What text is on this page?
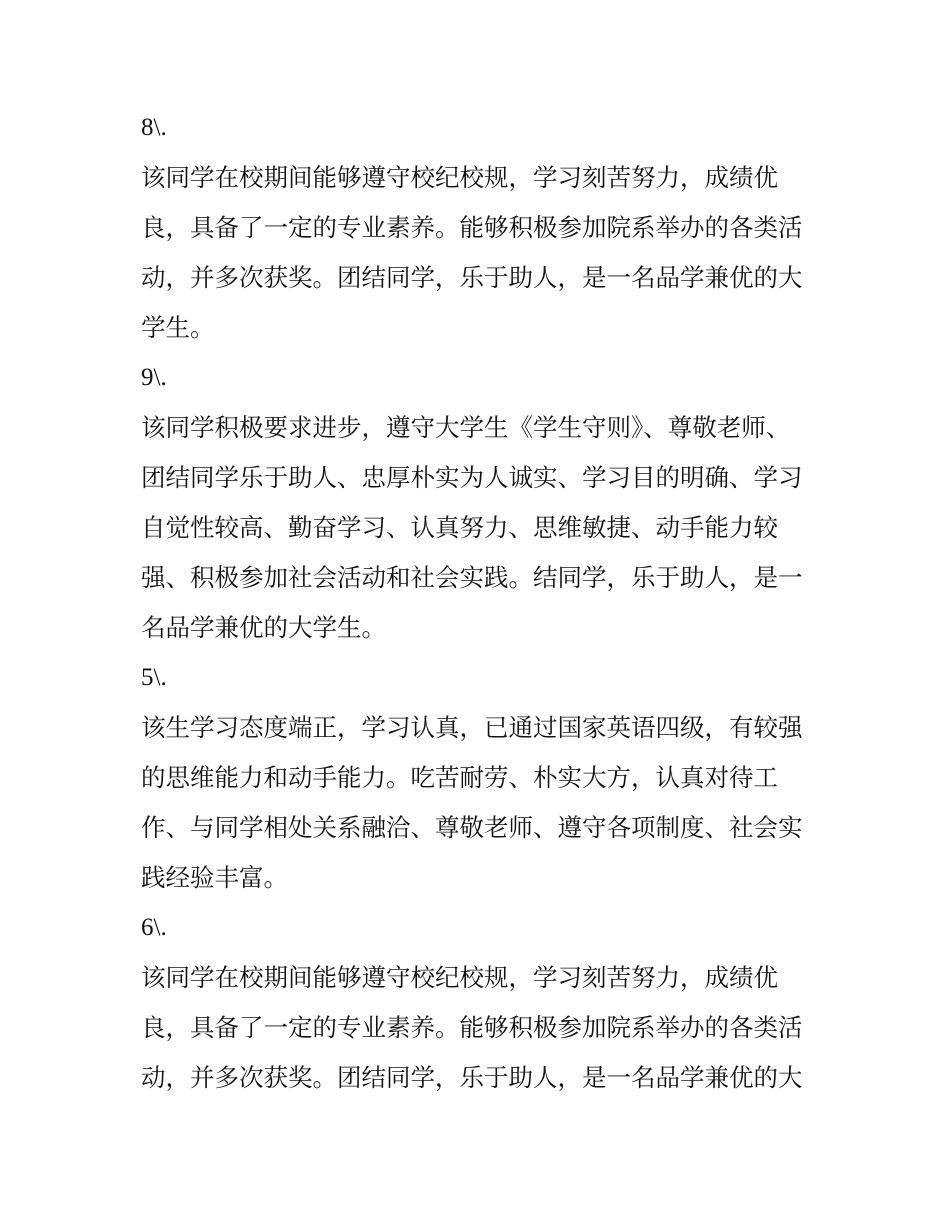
8\.
该同学在校期间能够遵守校纪校规，学习刻苦努力，成绩优
良，具备了一定的专业素养。能够积极参加院系举办的各类活
动，并多次获奖。团结同学，乐于助人，是一名品学兼优的大
学生。
9\.
该同学积极要求进步，遵守大学生《学生守则》、尊敬老师、
团结同学乐于助人、忠厚朴实为人诚实、学习目的明确、学习
自觉性较高、勤奋学习、认真努力、思维敏捷、动手能力较
强、积极参加社会活动和社会实践。结同学，乐于助人，是一
名品学兼优的大学生。
5\.
该生学习态度端正，学习认真，已通过国家英语四级，有较强
的思维能力和动手能力。吃苦耐劳、朴实大方，认真对待工
作、与同学相处关系融洽、尊敬老师、遵守各项制度、社会实
践经验丰富。
6\.
该同学在校期间能够遵守校纪校规，学习刻苦努力，成绩优
良，具备了一定的专业素养。能够积极参加院系举办的各类活
动，并多次获奖。团结同学，乐于助人，是一名品学兼优的大
